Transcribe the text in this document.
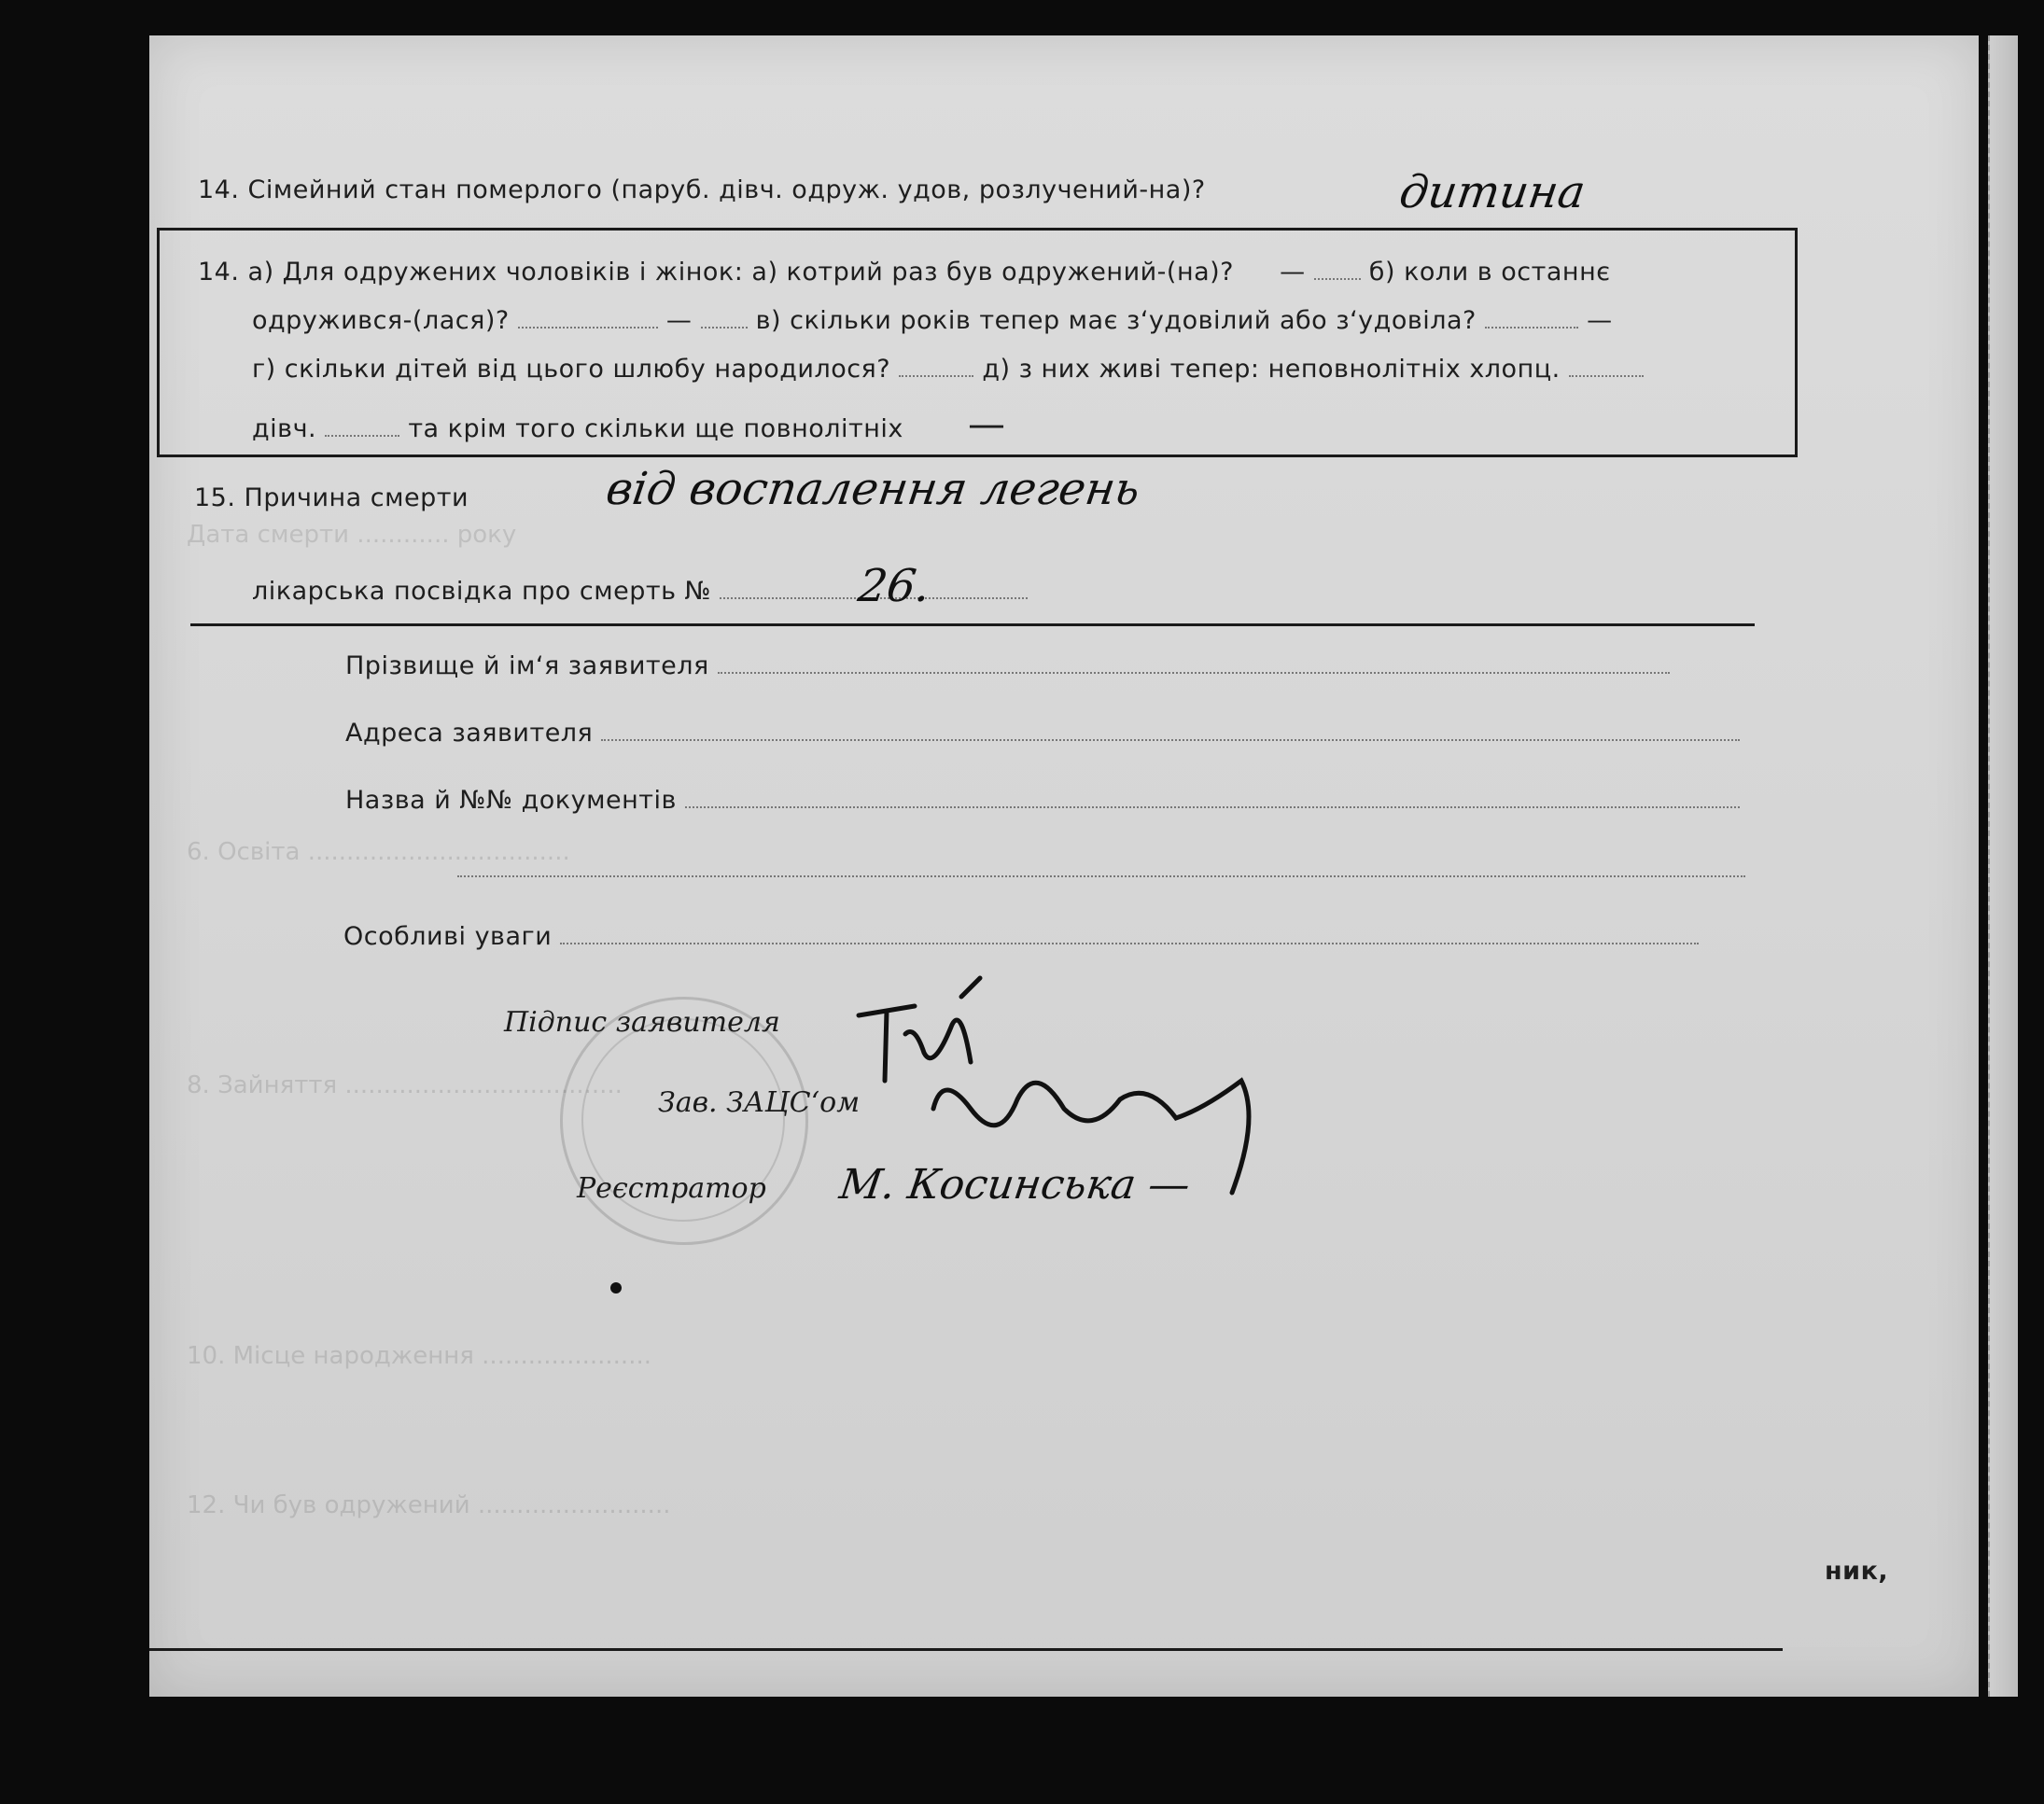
Дата смерти ............ року
6. Освіта ..................................
8. Зайняття ....................................
10. Місце народження ......................
12. Чи був одружений .........................
14. Сімейний стан померлого (паруб. дівч. одруж. удов, розлучений-на)?	дитина
14. а) Для одружених чоловіків і жінок: а) котрий раз був одружений-(на)? —	б) коли в останнє
одружився-(лася)?	—	в) скільки років тепер має з‘удовілий або з‘удовіла?	—
г) скільки дітей від цього шлюбу народилося?	д) з них живі тепер: неповнолітніх хлопц.
дівч.	та крім того скільки ще повнолітніх —
15. Причина смерти	від воспалення легень
лікарська посвідка про смерть №	26.
Прізвище й ім‘я заявителя
Адреса заявителя
Назва й №№ документів
Особливі уваги
Підпис заявителя
Зав. ЗАЦС‘ом
Реєстратор М. Косинська —
ник,
